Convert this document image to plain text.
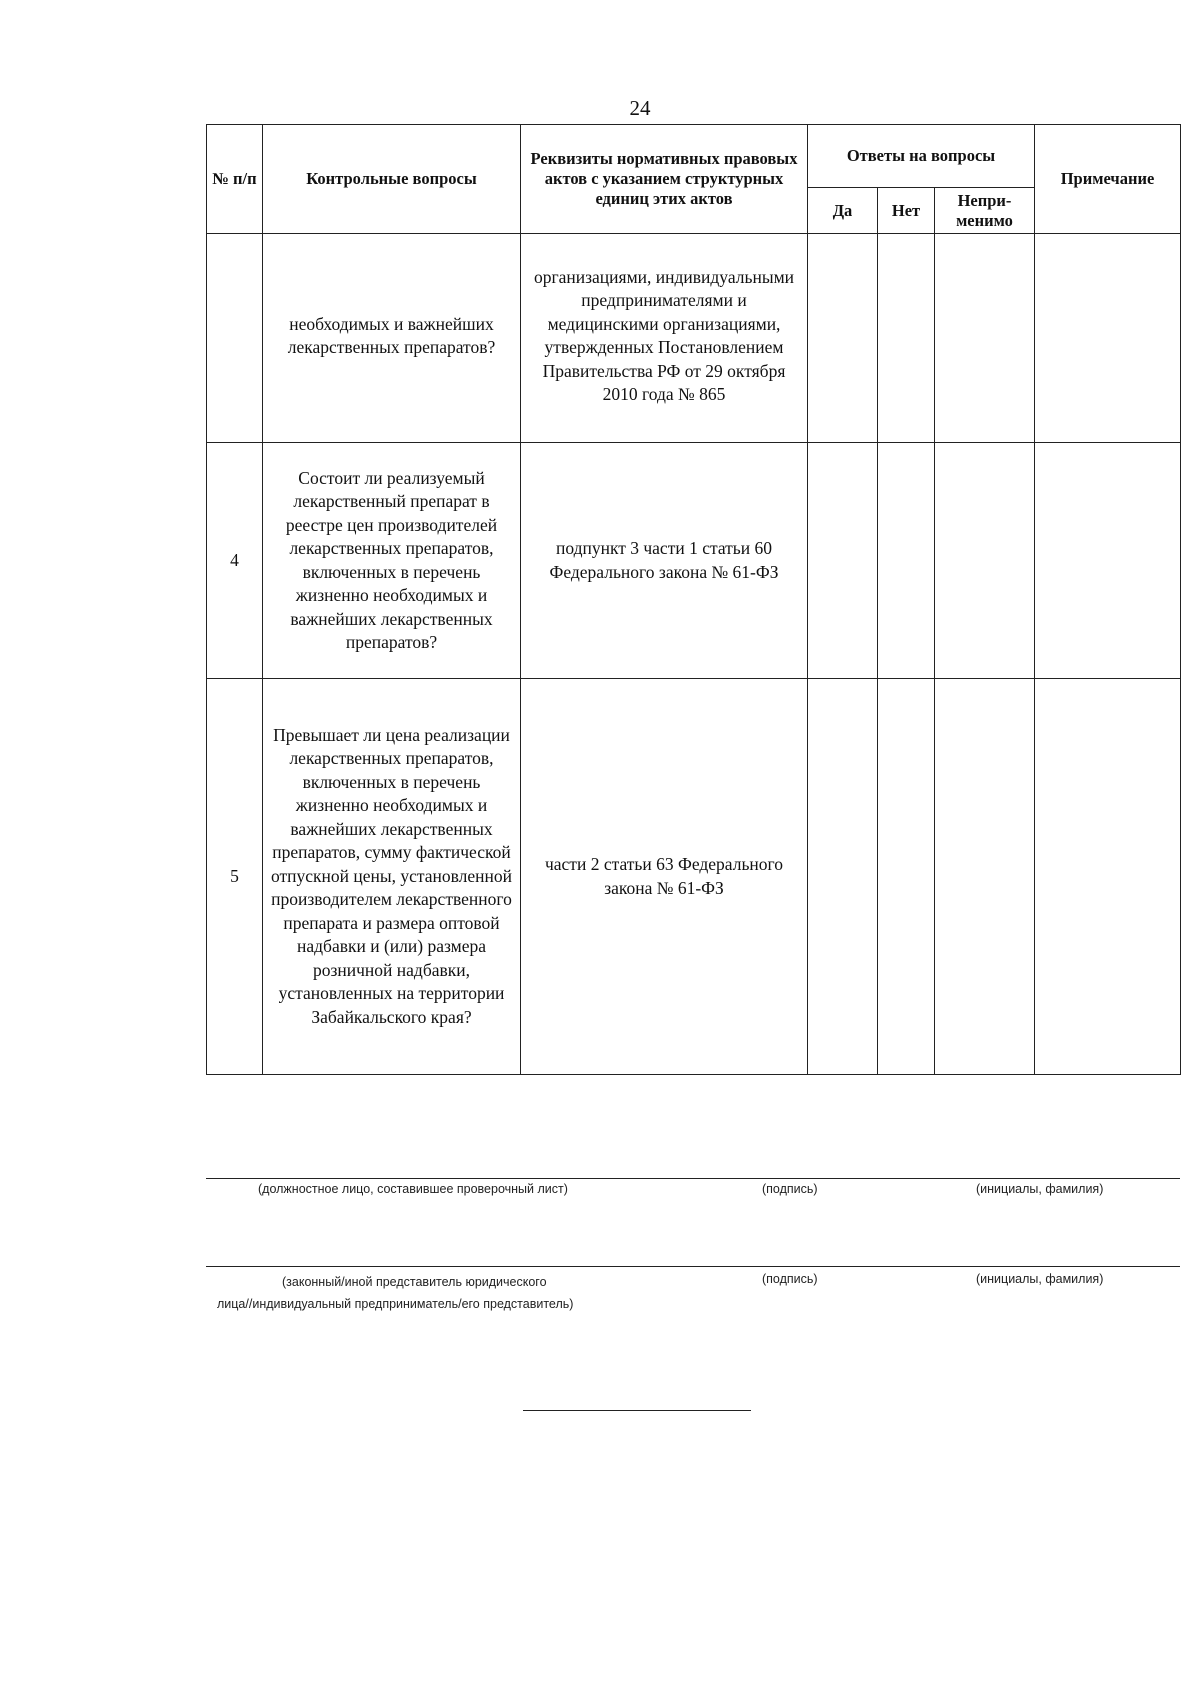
24
№ п/п	Контрольные вопросы	Реквизиты нормативных правовых актов с указанием структурных единиц этих актов	Ответы на вопросы			Примечание
			Да	Нет	Непри-менимо	

	необходимых и важнейших лекарственных препаратов?	организациями, индивидуальными предпринимателями и медицинскими организациями, утвержденных Постановлением Правительства РФ от 29 октября 2010 года № 865				

4	Состоит ли реализуемый лекарственный препарат в реестре цен производителей лекарственных препаратов, включенных в перечень жизненно необходимых и важнейших лекарственных препаратов?	подпункт 3 части 1 статьи 60 Федерального закона № 61-ФЗ				

5	Превышает ли цена реализации лекарственных препаратов, включенных в перечень жизненно необходимых и важнейших лекарственных препаратов, сумму фактической отпускной цены, установленной производителем лекарственного препарата и размера оптовой надбавки и (или) размера розничной надбавки, установленных на территории Забайкальского края?	части 2 статьи 63 Федерального закона № 61-ФЗ				

(должностное лицо, составившее проверочный лист)	(подпись)	(инициалы, фамилия)
(законный/иной представитель юридического
лица//индивидуальный предприниматель/его представитель)
(подпись)	(инициалы, фамилия)
